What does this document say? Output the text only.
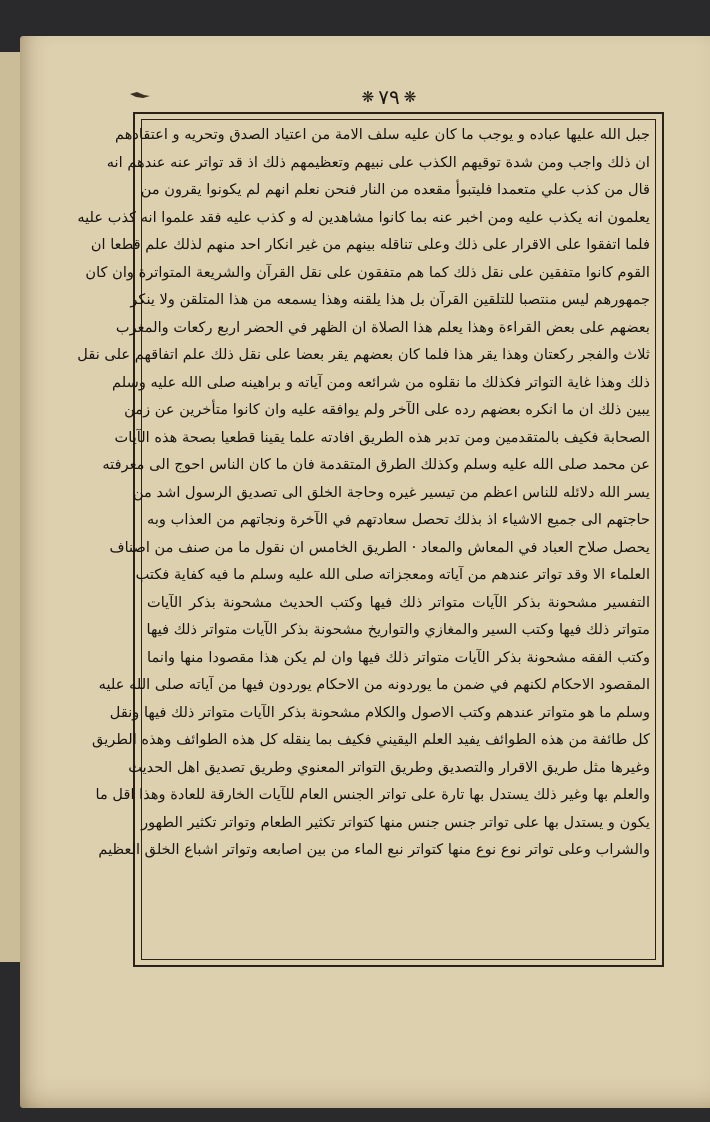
❋ ٧٩ ❋
جبل الله عليها عباده و يوجب ما كان عليه سلف الامة من اعتياد الصدق وتحريه و اعتقادهم
ان ذلك واجب ومن شدة توقيهم الكذب على نبيهم وتعظيمهم ذلك اذ قد تواتر عنه عندهم انه
قال من كذب علي متعمدا فليتبوأ مقعده من النار فنحن نعلم انهم لم يكونوا يقرون من
يعلمون انه يكذب عليه ومن اخبر عنه بما كانوا مشاهدين له و كذب عليه فقد علموا انه كذب عليه
فلما اتفقوا على الاقرار على ذلك وعلى تناقله بينهم من غير انكار احد منهم لذلك علم قطعا ان
القوم كانوا متفقين على نقل ذلك كما هم متفقون على نقل القرآن والشريعة المتواترة وان كان
جمهورهم ليس منتصبا للتلقين القرآن بل هذا يلقنه وهذا يسمعه من هذا المتلقن ولا ينكر
بعضهم على بعض القراءة وهذا يعلم هذا الصلاة ان الظهر في الحضر اربع ركعات والمغرب
ثلاث والفجر ركعتان وهذا يقر هذا فلما كان بعضهم يقر بعضا على نقل ذلك علم اتفاقهم على نقل
ذلك وهذا غاية التواتر فكذلك ما نقلوه من شرائعه ومن آياته و براهينه صلى الله عليه وسلم
يبين ذلك ان ما انكره بعضهم رده على الآخر ولم يوافقه عليه وان كانوا متأخرين عن زمن
الصحابة فكيف بالمتقدمين ومن تدبر هذه الطريق افادته علما يقينا قطعيا بصحة هذه الآيات
عن محمد صلى الله عليه وسلم وكذلك الطرق المتقدمة فان ما كان الناس احوج الى معرفته
يسر الله دلائله للناس اعظم من تيسير غيره وحاجة الخلق الى تصديق الرسول اشد من
حاجتهم الى جميع الاشياء اذ بذلك تحصل سعادتهم في الآخرة ونجاتهم من العذاب وبه
يحصل صلاح العباد في المعاش والمعاد · الطريق الخامس ان نقول ما من صنف من اصناف
العلماء الا وقد تواتر عندهم من آياته ومعجزاته صلى الله عليه وسلم ما فيه كفاية فكتب
التفسير مشحونة بذكر الآيات متواتر ذلك فيها وكتب الحديث مشحونة بذكر الآيات
متواتر ذلك فيها وكتب السير والمغازي والتواريخ مشحونة بذكر الآيات متواتر ذلك فيها
وكتب الفقه مشحونة بذكر الآيات متواتر ذلك فيها وان لم يكن هذا مقصودا منها وانما
المقصود الاحكام لكنهم في ضمن ما يوردونه من الاحكام يوردون فيها من آياته صلى الله عليه
وسلم ما هو متواتر عندهم وكتب الاصول والكلام مشحونة بذكر الآيات متواتر ذلك فيها ونقل
كل طائفة من هذه الطوائف يفيد العلم اليقيني فكيف بما ينقله كل هذه الطوائف وهذه الطريق
وغيرها مثل طريق الاقرار والتصديق وطريق التواتر المعنوي وطريق تصديق اهل الحديث
والعلم بها وغير ذلك يستدل بها تارة على تواتر الجنس العام للآيات الخارقة للعادة وهذا اقل ما
يكون و يستدل بها على تواتر جنس جنس منها كتواتر تكثير الطعام وتواتر تكثير الطهور
والشراب وعلى تواتر نوع نوع منها كتواتر نبع الماء من بين اصابعه وتواتر اشباع الخلق العظيم
